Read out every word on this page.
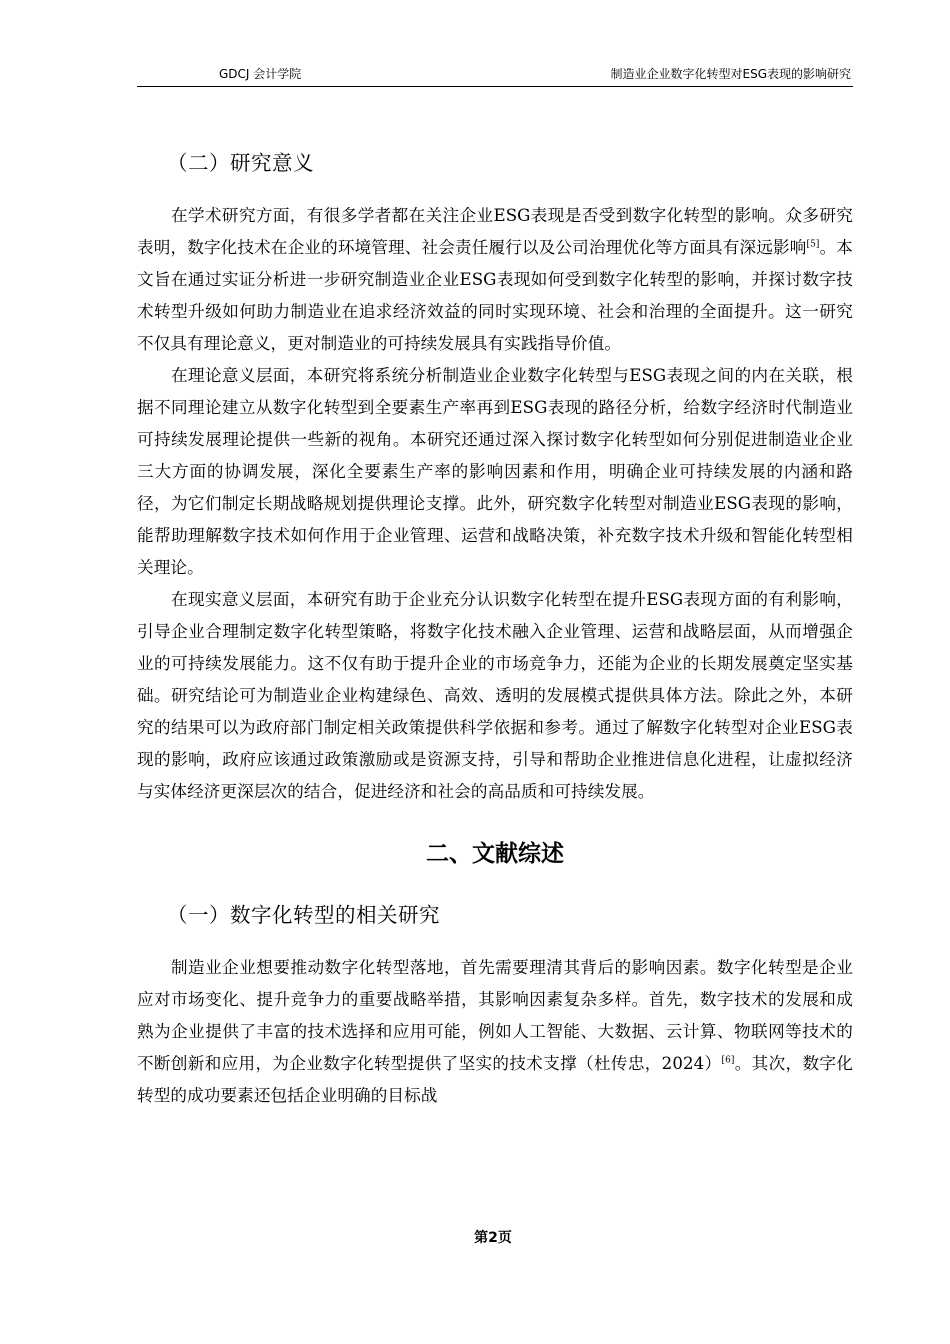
GDCJ 会计学院	制造业企业数字化转型对ESG表现的影响研究
（二）研究意义

在学术研究方面，有很多学者都在关注企业ESG表现是否受到数字化转型的影响。众多研究表明，数字化技术在企业的环境管理、社会责任履行以及公司治理优化等方面具有深远影响[5]。本文旨在通过实证分析进一步研究制造业企业ESG表现如何受到数字化转型的影响，并探讨数字技术转型升级如何助力制造业在追求经济效益的同时实现环境、社会和治理的全面提升。这一研究不仅具有理论意义，更对制造业的可持续发展具有实践指导价值。

在理论意义层面，本研究将系统分析制造业企业数字化转型与ESG表现之间的内在关联，根据不同理论建立从数字化转型到全要素生产率再到ESG表现的路径分析，给数字经济时代制造业可持续发展理论提供一些新的视角。本研究还通过深入探讨数字化转型如何分别促进制造业企业三大方面的协调发展，深化全要素生产率的影响因素和作用，明确企业可持续发展的内涵和路径，为它们制定长期战略规划提供理论支撑。此外，研究数字化转型对制造业ESG表现的影响，能帮助理解数字技术如何作用于企业管理、运营和战略决策，补充数字技术升级和智能化转型相关理论。

在现实意义层面，本研究有助于企业充分认识数字化转型在提升ESG表现方面的有利影响，引导企业合理制定数字化转型策略，将数字化技术融入企业管理、运营和战略层面，从而增强企业的可持续发展能力。这不仅有助于提升企业的市场竞争力，还能为企业的长期发展奠定坚实基础。研究结论可为制造业企业构建绿色、高效、透明的发展模式提供具体方法。除此之外，本研究的结果可以为政府部门制定相关政策提供科学依据和参考。通过了解数字化转型对企业ESG表现的影响，政府应该通过政策激励或是资源支持，引导和帮助企业推进信息化进程，让虚拟经济与实体经济更深层次的结合，促进经济和社会的高品质和可持续发展。

二、文献综述
（一）数字化转型的相关研究

制造业企业想要推动数字化转型落地，首先需要理清其背后的影响因素。数字化转型是企业应对市场变化、提升竞争力的重要战略举措，其影响因素复杂多样。首先，数字技术的发展和成熟为企业提供了丰富的技术选择和应用可能，例如人工智能、大数据、云计算、物联网等技术的不断创新和应用，为企业数字化转型提供了坚实的技术支撑（杜传忠，2024）[6]。其次，数字化转型的成功要素还包括企业明确的目标战

第2页
